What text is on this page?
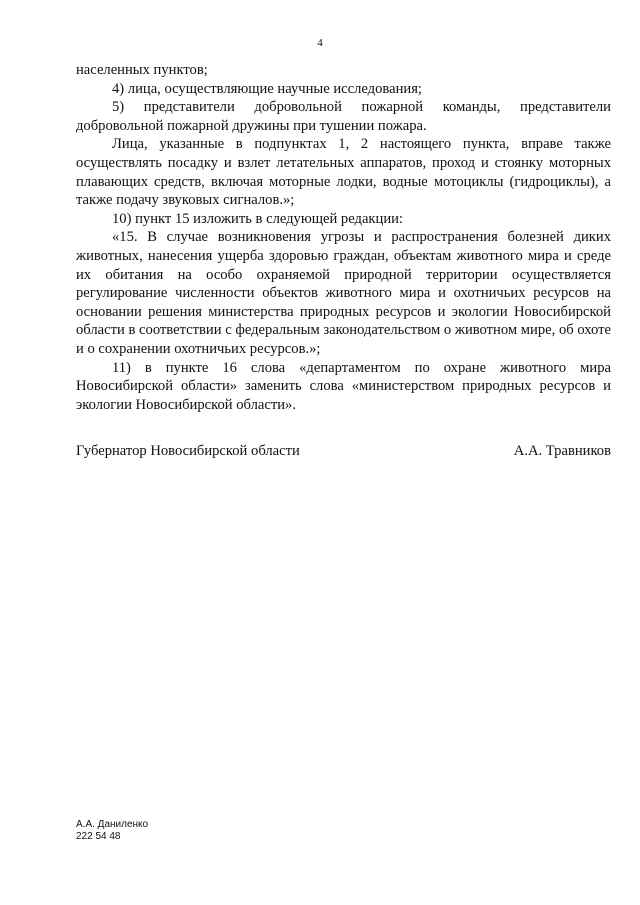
4

населенных пунктов;

4) лица, осуществляющие научные исследования;

5) представители добровольной пожарной команды, представители добровольной пожарной дружины при тушении пожара.

Лица, указанные в подпунктах 1, 2 настоящего пункта, вправе также осуществлять посадку и взлет летательных аппаратов, проход и стоянку моторных плавающих средств, включая моторные лодки, водные мотоциклы (гидроциклы), а также подачу звуковых сигналов.»;

10) пункт 15 изложить в следующей редакции:

«15. В случае возникновения угрозы и распространения болезней диких животных, нанесения ущерба здоровью граждан, объектам животного мира и среде их обитания на особо охраняемой природной территории осуществляется регулирование численности объектов животного мира и охотничьих ресурсов на основании решения министерства природных ресурсов и экологии Новосибирской области в соответствии с федеральным законодательством о животном мире, об охоте и о сохранении охотничьих ресурсов.»;

11) в пункте 16 слова «департаментом по охране животного мира Новосибирской области» заменить слова «министерством природных ресурсов и экологии Новосибирской области».

Губернатор Новосибирской области	А.А. Травников
А.А. Даниленко
222 54 48
